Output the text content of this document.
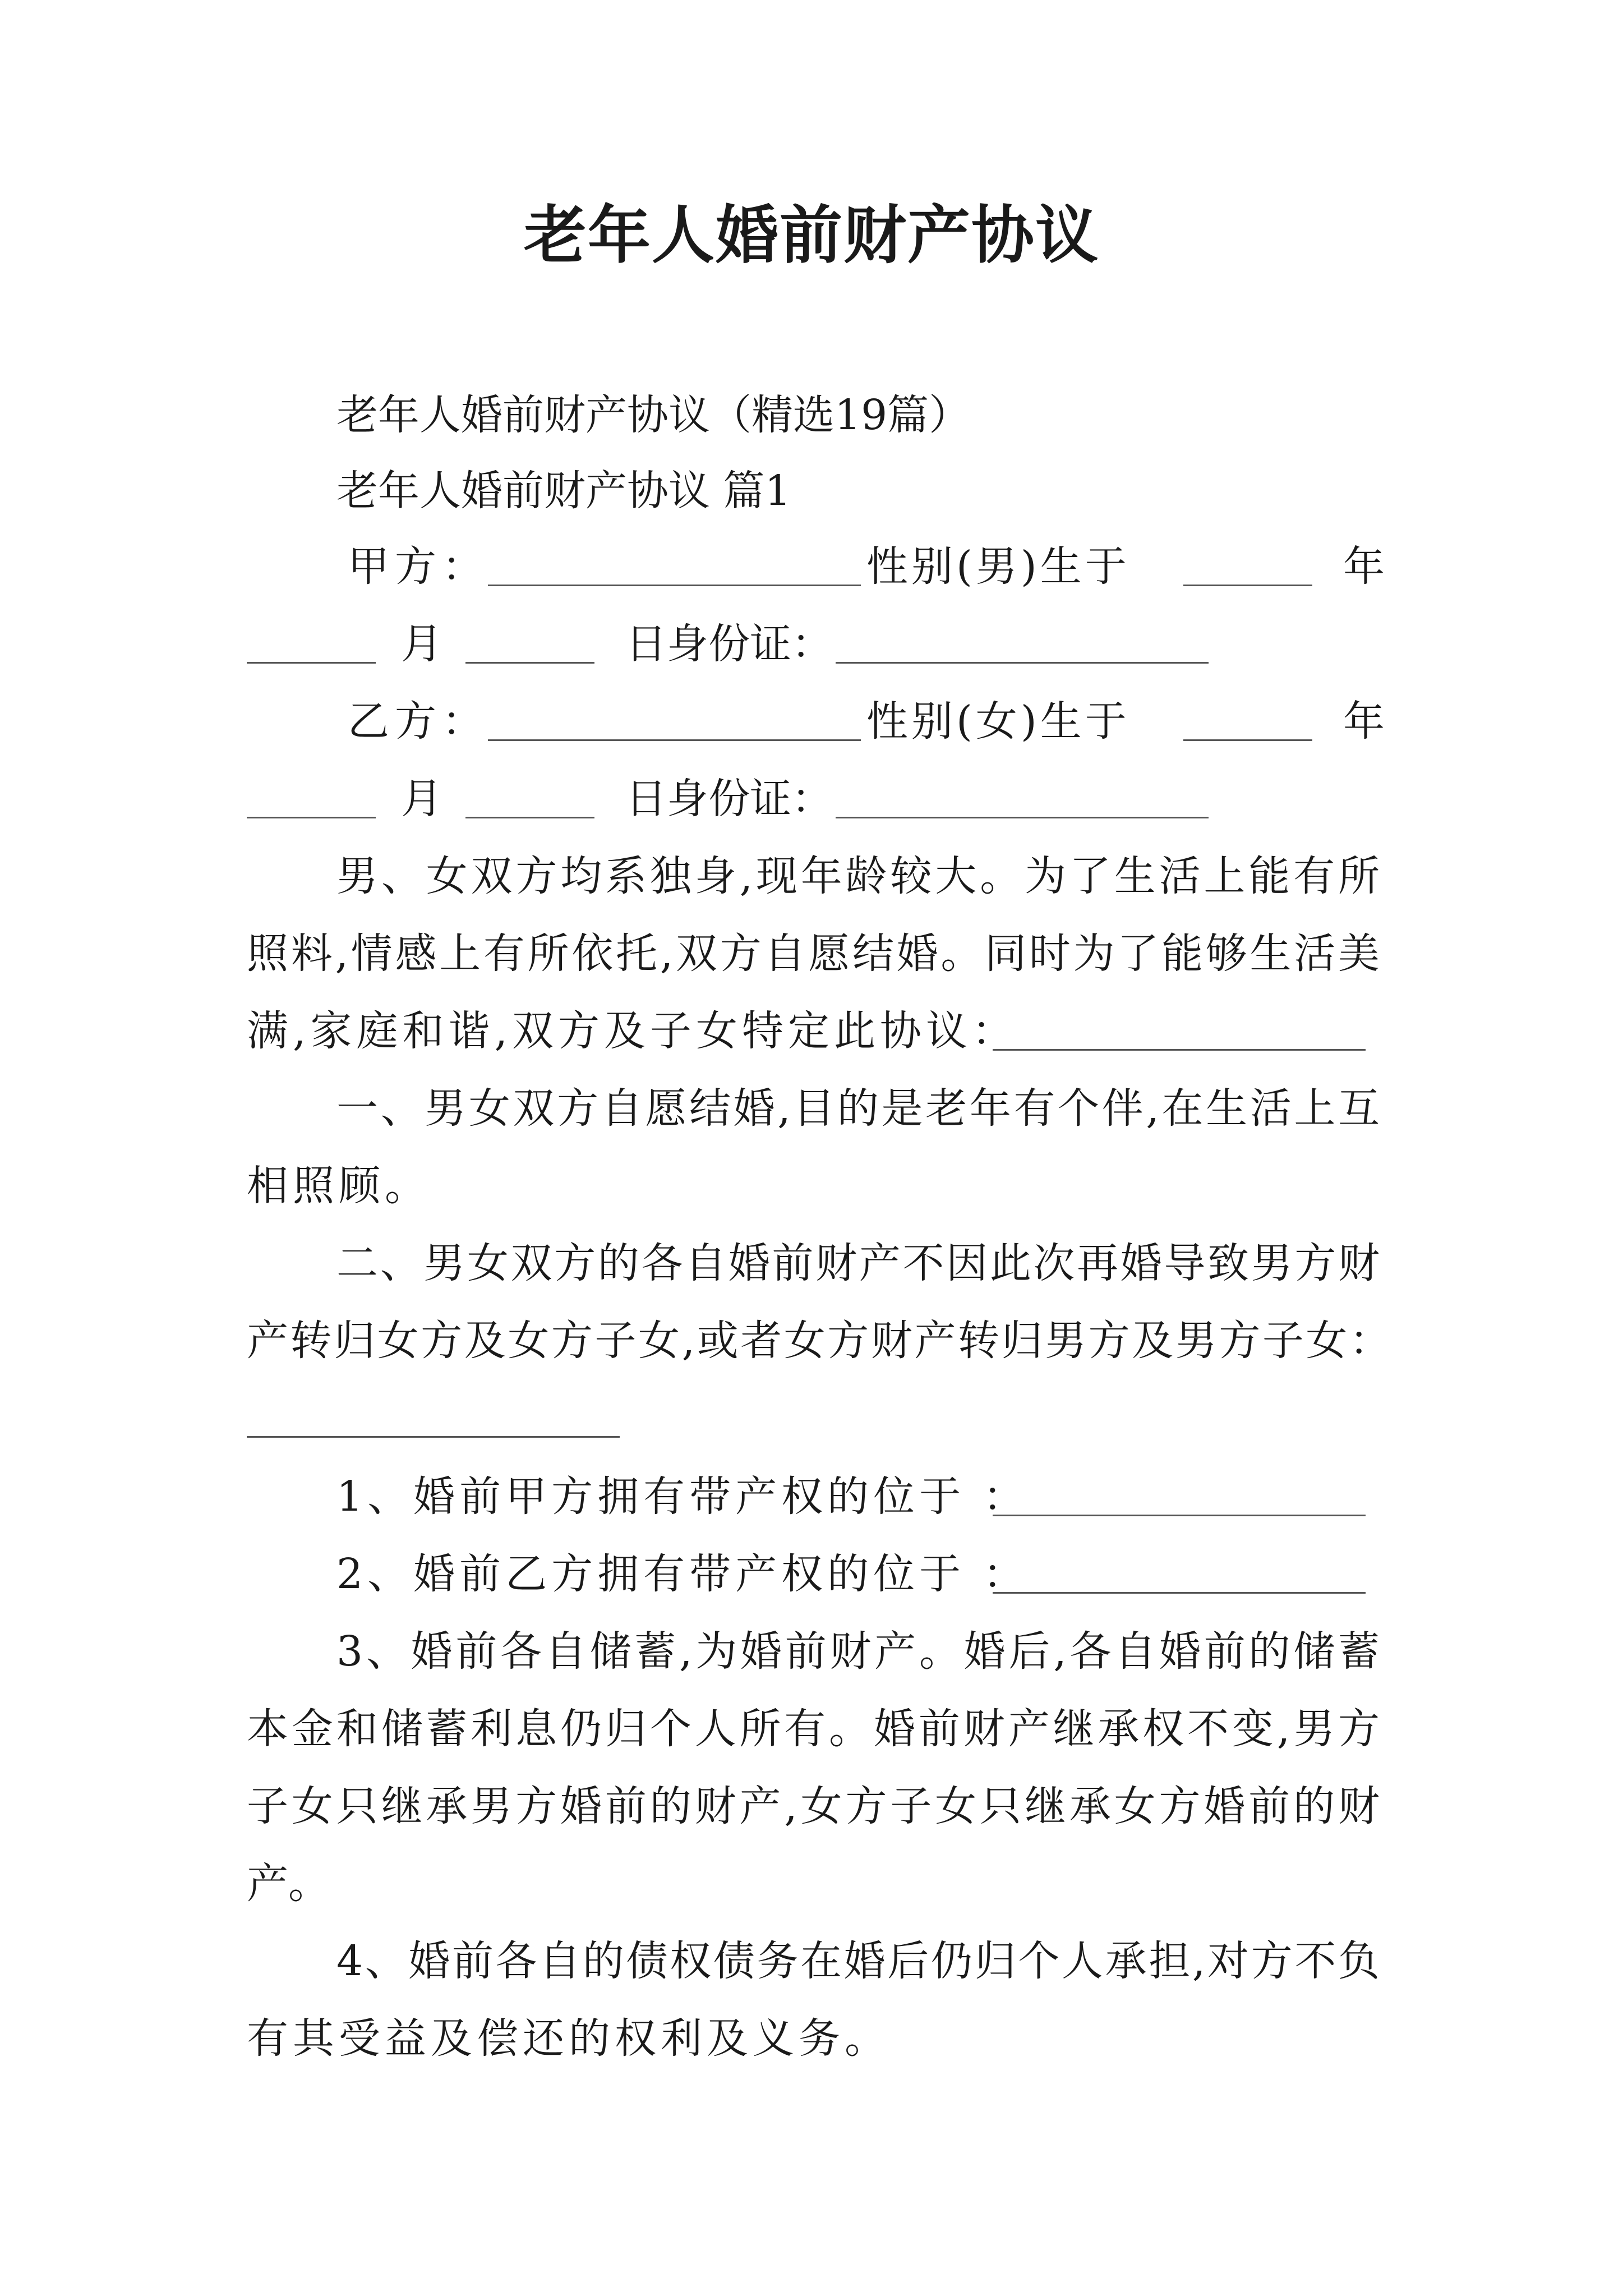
老年人婚前财产协议
老年人婚前财产协议（精选19篇）
老年人婚前财产协议 篇1
甲方：	性别(男)生于	年
月	日身份证：
乙方：	性别(女)生于	年
月	日身份证：
男、女双方均系独身,现年龄较大。为了生活上能有所
照料,情感上有所依托,双方自愿结婚。同时为了能够生活美
满,家庭和谐,双方及子女特定此协议：
一、男女双方自愿结婚,目的是老年有个伴,在生活上互
相照顾。
二、男女双方的各自婚前财产不因此次再婚导致男方财
产转归女方及女方子女,或者女方财产转归男方及男方子女：
1、婚前甲方拥有带产权的位于 ：
2、婚前乙方拥有带产权的位于 ：
3、婚前各自储蓄,为婚前财产。婚后,各自婚前的储蓄
本金和储蓄利息仍归个人所有。婚前财产继承权不变,男方
子女只继承男方婚前的财产,女方子女只继承女方婚前的财
产。
4、婚前各自的债权债务在婚后仍归个人承担,对方不负
有其受益及偿还的权利及义务。
